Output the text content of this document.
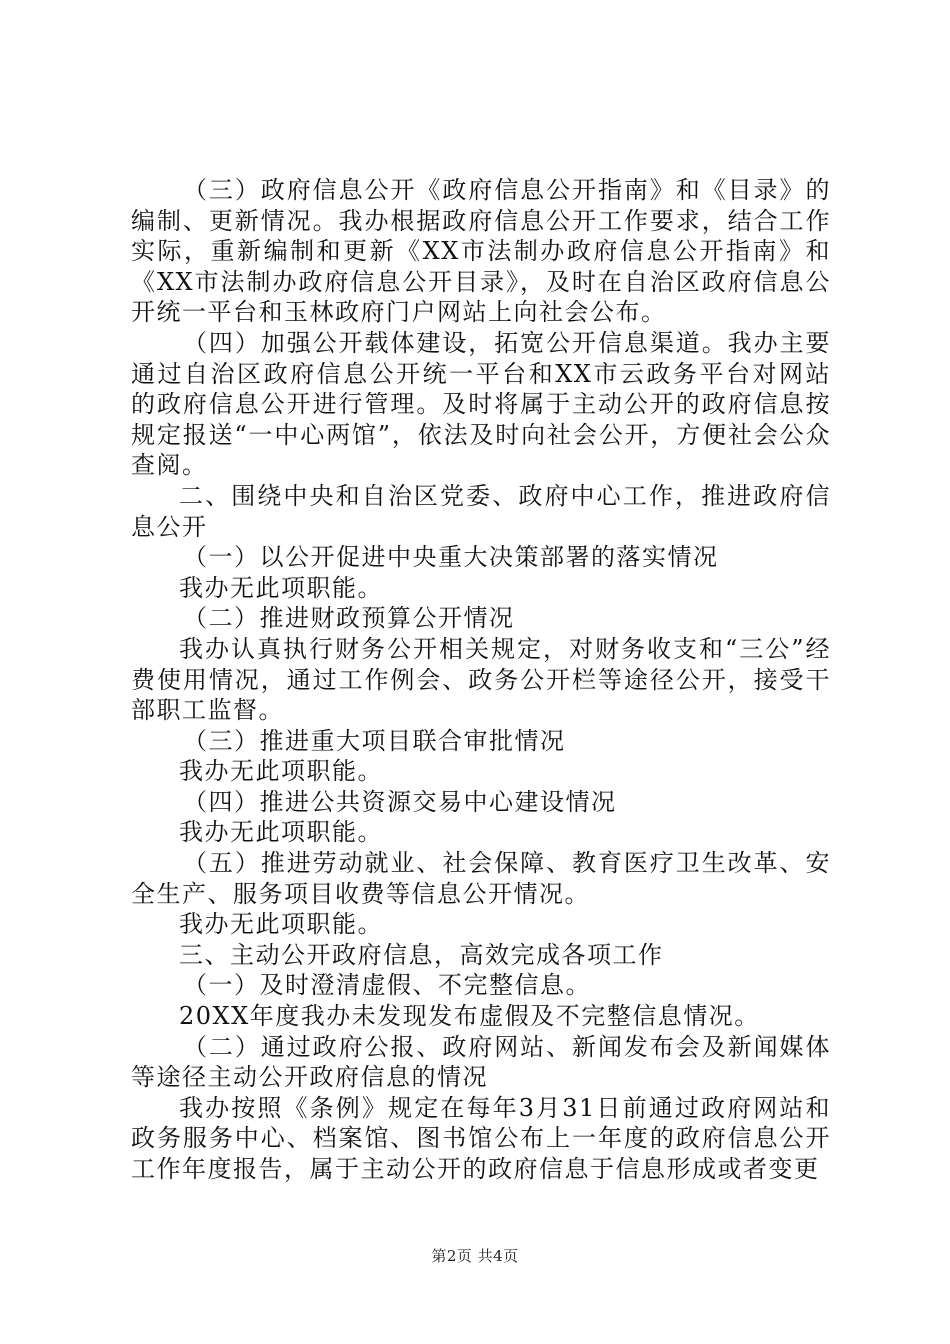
（三）政府信息公开《政府信息公开指南》和《目录》的编制、更新情况。我办根据政府信息公开工作要求，结合工作实际，重新编制和更新《XX市法制办政府信息公开指南》和《XX市法制办政府信息公开目录》，及时在自治区政府信息公开统一平台和玉林政府门户网站上向社会公布。

（四）加强公开载体建设，拓宽公开信息渠道。我办主要通过自治区政府信息公开统一平台和XX市云政务平台对网站的政府信息公开进行管理。及时将属于主动公开的政府信息按规定报送“一中心两馆”，依法及时向社会公开，方便社会公众查阅。

二、围绕中央和自治区党委、政府中心工作，推进政府信息公开

（一）以公开促进中央重大决策部署的落实情况

我办无此项职能。

（二）推进财政预算公开情况

我办认真执行财务公开相关规定，对财务收支和“三公”经费使用情况，通过工作例会、政务公开栏等途径公开，接受干部职工监督。

（三）推进重大项目联合审批情况

我办无此项职能。

（四）推进公共资源交易中心建设情况

我办无此项职能。

（五）推进劳动就业、社会保障、教育医疗卫生改革、安全生产、服务项目收费等信息公开情况。

我办无此项职能。

三、主动公开政府信息，高效完成各项工作

（一）及时澄清虚假、不完整信息。

20XX年度我办未发现发布虚假及不完整信息情况。

（二）通过政府公报、政府网站、新闻发布会及新闻媒体等途径主动公开政府信息的情况

我办按照《条例》规定在每年3月31日前通过政府网站和政务服务中心、档案馆、图书馆公布上一年度的政府信息公开工作年度报告，属于主动公开的政府信息于信息形成或者变更

第2页 共4页
